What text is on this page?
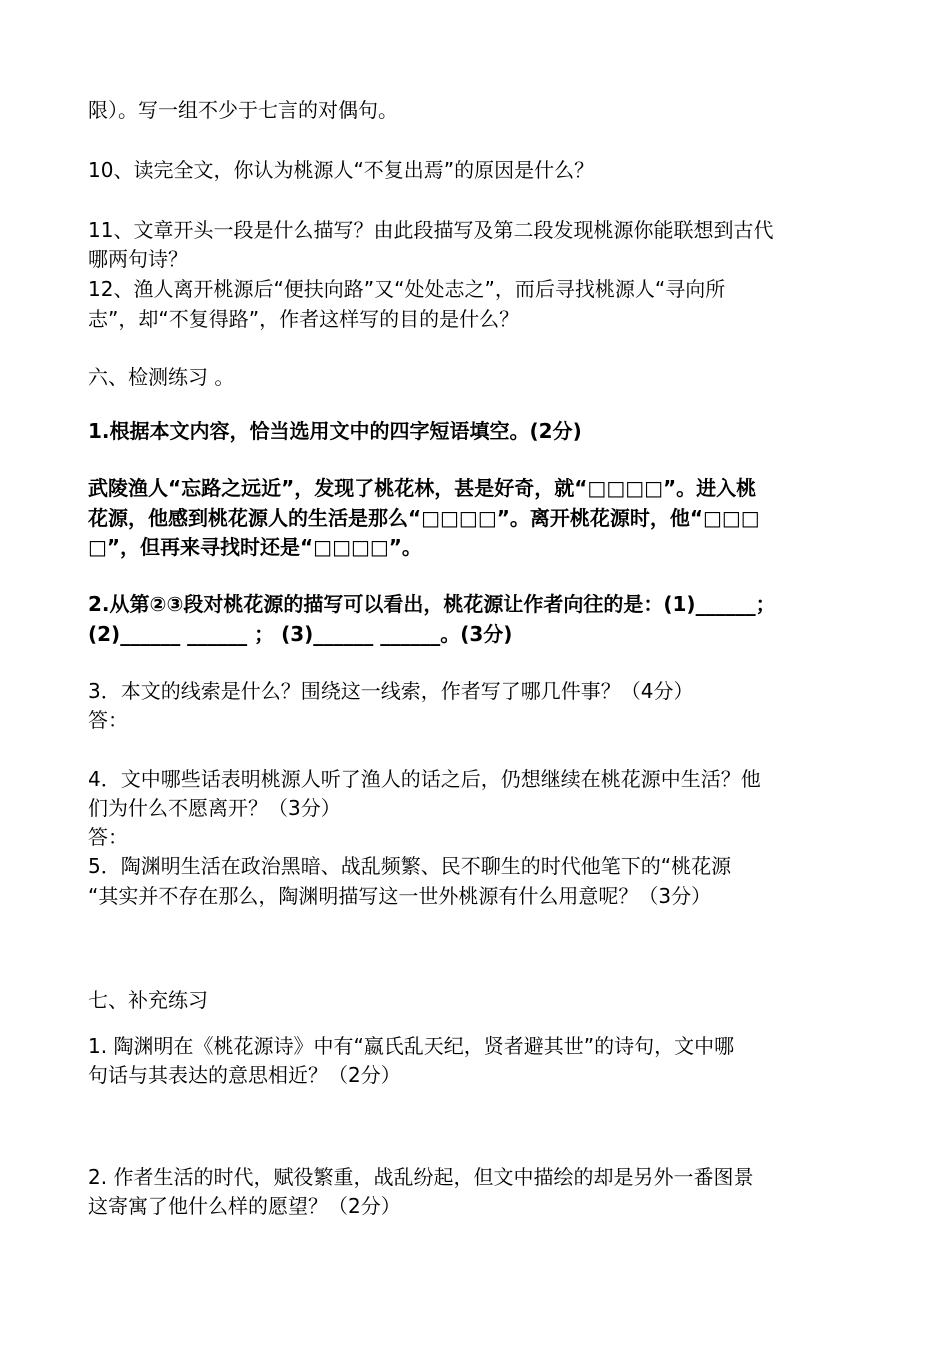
限）。写一组不少于七言的对偶句。

10、读完全文，你认为桃源人“不复出焉”的原因是什么？

11、文章开头一段是什么描写？由此段描写及第二段发现桃源你能联想到古代

哪两句诗？

12、渔人离开桃源后“便扶向路”又“处处志之”，而后寻找桃源人“寻向所

志”，却“不复得路”，作者这样写的目的是什么？

六、检测练习 。

1.根据本文内容，恰当选用文中的四字短语填空。(2分)

武陵渔人“忘路之远近”，发现了桃花林，甚是好奇，就“□□□□”。进入桃

花源，他感到桃花源人的生活是那么“□□□□”。离开桃花源时，他“□□□

□”，但再来寻找时还是“□□□□”。

2.从第②③段对桃花源的描写可以看出，桃花源让作者向往的是：(1)______；

(2)______ ______ ； (3)______ ______。(3分)

3．本文的线索是什么？围绕这一线索，作者写了哪几件事？（4分）

答：

4．文中哪些话表明桃源人听了渔人的话之后，仍想继续在桃花源中生活？他

们为什么不愿离开？（3分）

答：

5．陶渊明生活在政治黑暗、战乱频繁、民不聊生的时代他笔下的“桃花源

“其实并不存在那么，陶渊明描写这一世外桃源有什么用意呢？（3分）

七、补充练习

1. 陶渊明在《桃花源诗》中有“嬴氏乱天纪，贤者避其世”的诗句，文中哪

句话与其表达的意思相近？（2分）

2. 作者生活的时代，赋役繁重，战乱纷起，但文中描绘的却是另外一番图景

这寄寓了他什么样的愿望？（2分）
